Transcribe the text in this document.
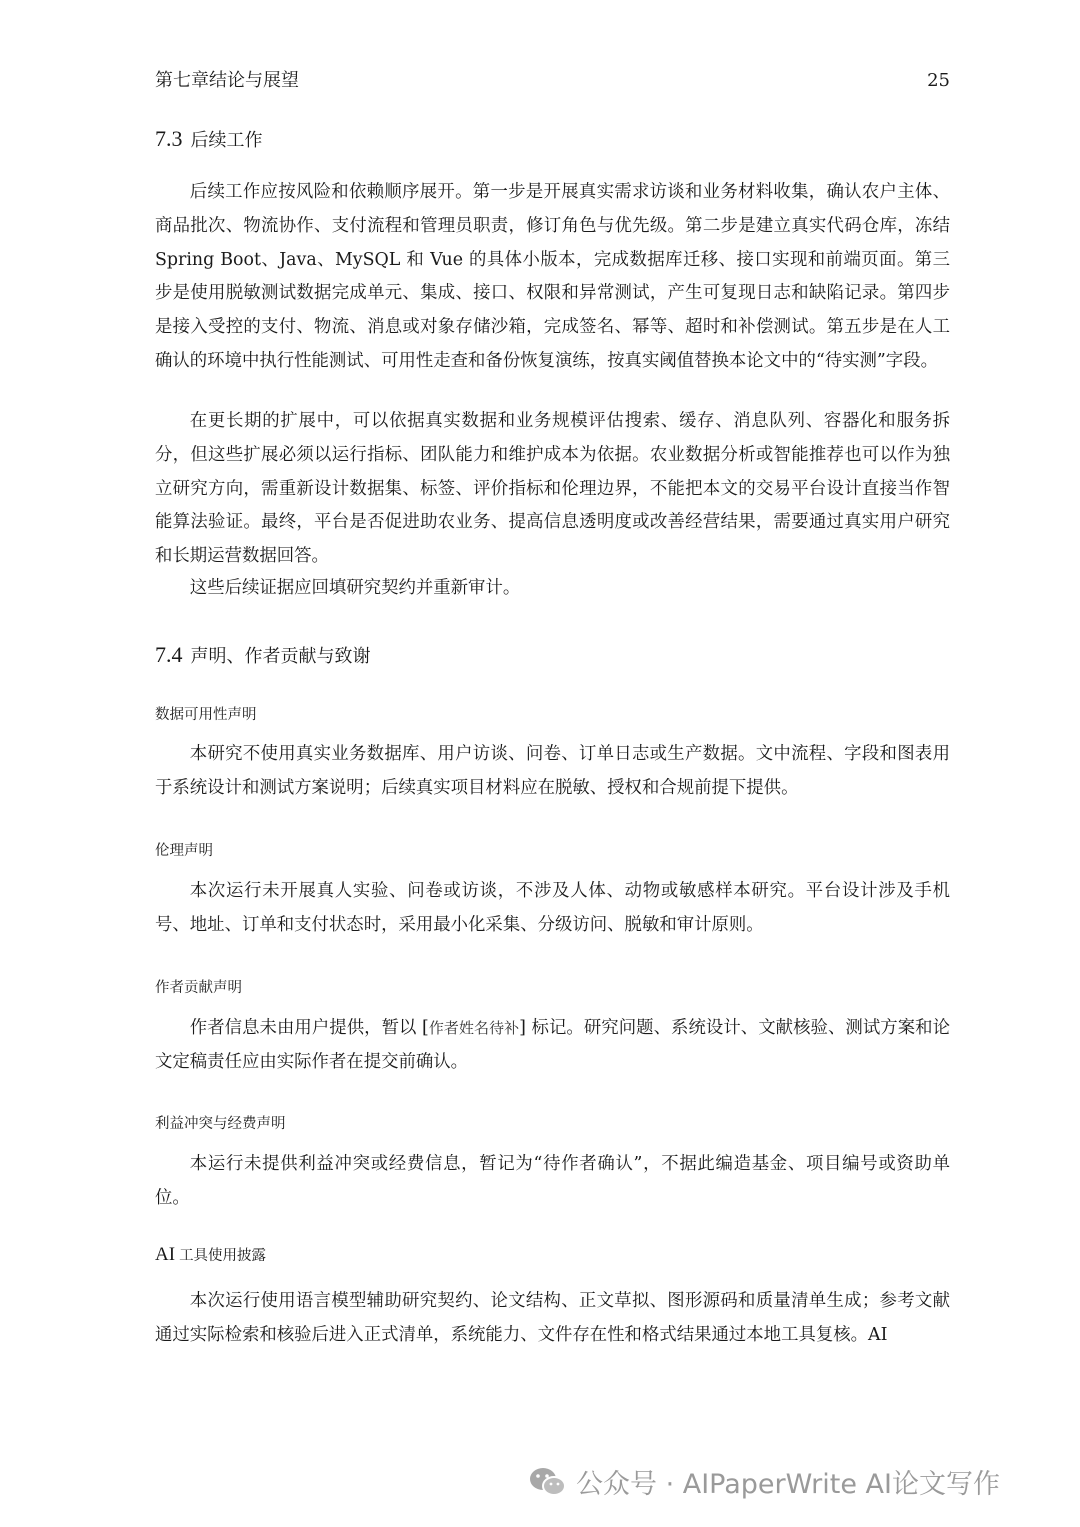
第七章结论与展望	25
7.3 后续工作

后续工作应按风险和依赖顺序展开。第一步是开展真实需求访谈和业务材料收集，确认农户主体、商品批次、物流协作、支付流程和管理员职责，修订角色与优先级。第二步是建立真实代码仓库，冻结 Spring Boot、Java、MySQL 和 Vue 的具体小版本，完成数据库迁移、接口实现和前端页面。第三步是使用脱敏测试数据完成单元、集成、接口、权限和异常测试，产生可复现日志和缺陷记录。第四步是接入受控的支付、物流、消息或对象存储沙箱，完成签名、幂等、超时和补偿测试。第五步是在人工确认的环境中执行性能测试、可用性走查和备份恢复演练，按真实阈值替换本论文中的“待实测”字段。

在更长期的扩展中，可以依据真实数据和业务规模评估搜索、缓存、消息队列、容器化和服务拆分，但这些扩展必须以运行指标、团队能力和维护成本为依据。农业数据分析或智能推荐也可以作为独立研究方向，需重新设计数据集、标签、评价指标和伦理边界，不能把本文的交易平台设计直接当作智能算法验证。最终，平台是否促进助农业务、提高信息透明度或改善经营结果，需要通过真实用户研究和长期运营数据回答。

这些后续证据应回填研究契约并重新审计。

7.4 声明、作者贡献与致谢
数据可用性声明

本研究不使用真实业务数据库、用户访谈、问卷、订单日志或生产数据。文中流程、字段和图表用于系统设计和测试方案说明；后续真实项目材料应在脱敏、授权和合规前提下提供。

伦理声明

本次运行未开展真人实验、问卷或访谈，不涉及人体、动物或敏感样本研究。平台设计涉及手机号、地址、订单和支付状态时，采用最小化采集、分级访问、脱敏和审计原则。

作者贡献声明

作者信息未由用户提供，暂以 [作者姓名待补] 标记。研究问题、系统设计、文献核验、测试方案和论文定稿责任应由实际作者在提交前确认。

利益冲突与经费声明

本运行未提供利益冲突或经费信息，暂记为“待作者确认”，不据此编造基金、项目编号或资助单位。

AI 工具使用披露

本次运行使用语言模型辅助研究契约、论文结构、正文草拟、图形源码和质量清单生成；参考文献通过实际检索和核验后进入正式清单，系统能力、文件存在性和格式结果通过本地工具复核。AI

公众号 · AIPaperWrite AI论文写作
